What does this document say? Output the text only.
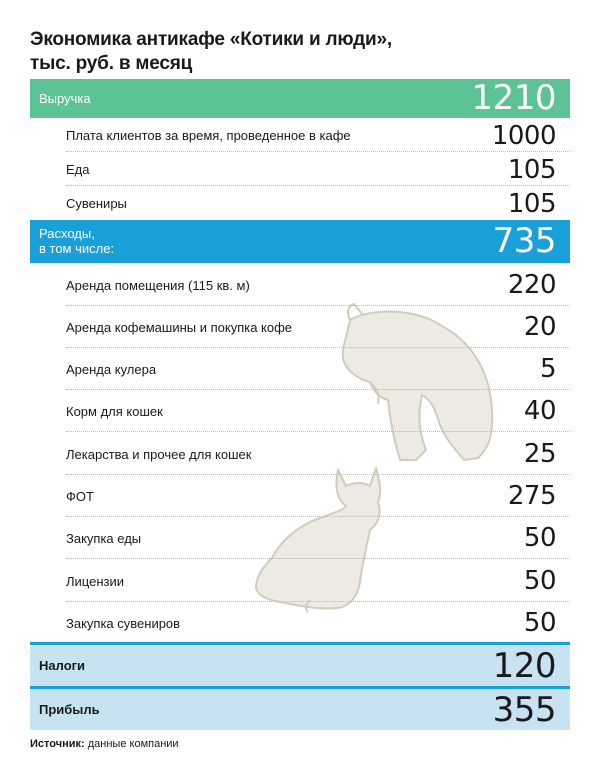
Экономика антикафе «Котики и люди»,
тыс. руб. в месяц
Выручка	1210
Плата клиентов за время, проведенное в кафе	1000
Еда	105
Сувениры	105
Расходы,
в том числе:	735
Аренда помещения (115 кв. м)	220
Аренда кофемашины и покупка кофе	20
Аренда кулера	5
Корм для кошек	40
Лекарства и прочее для кошек	25
ФОТ	275
Закупка еды	50
Лицензии	50
Закупка сувениров	50
Налоги	120
Прибыль	355
Источник: данные компании
